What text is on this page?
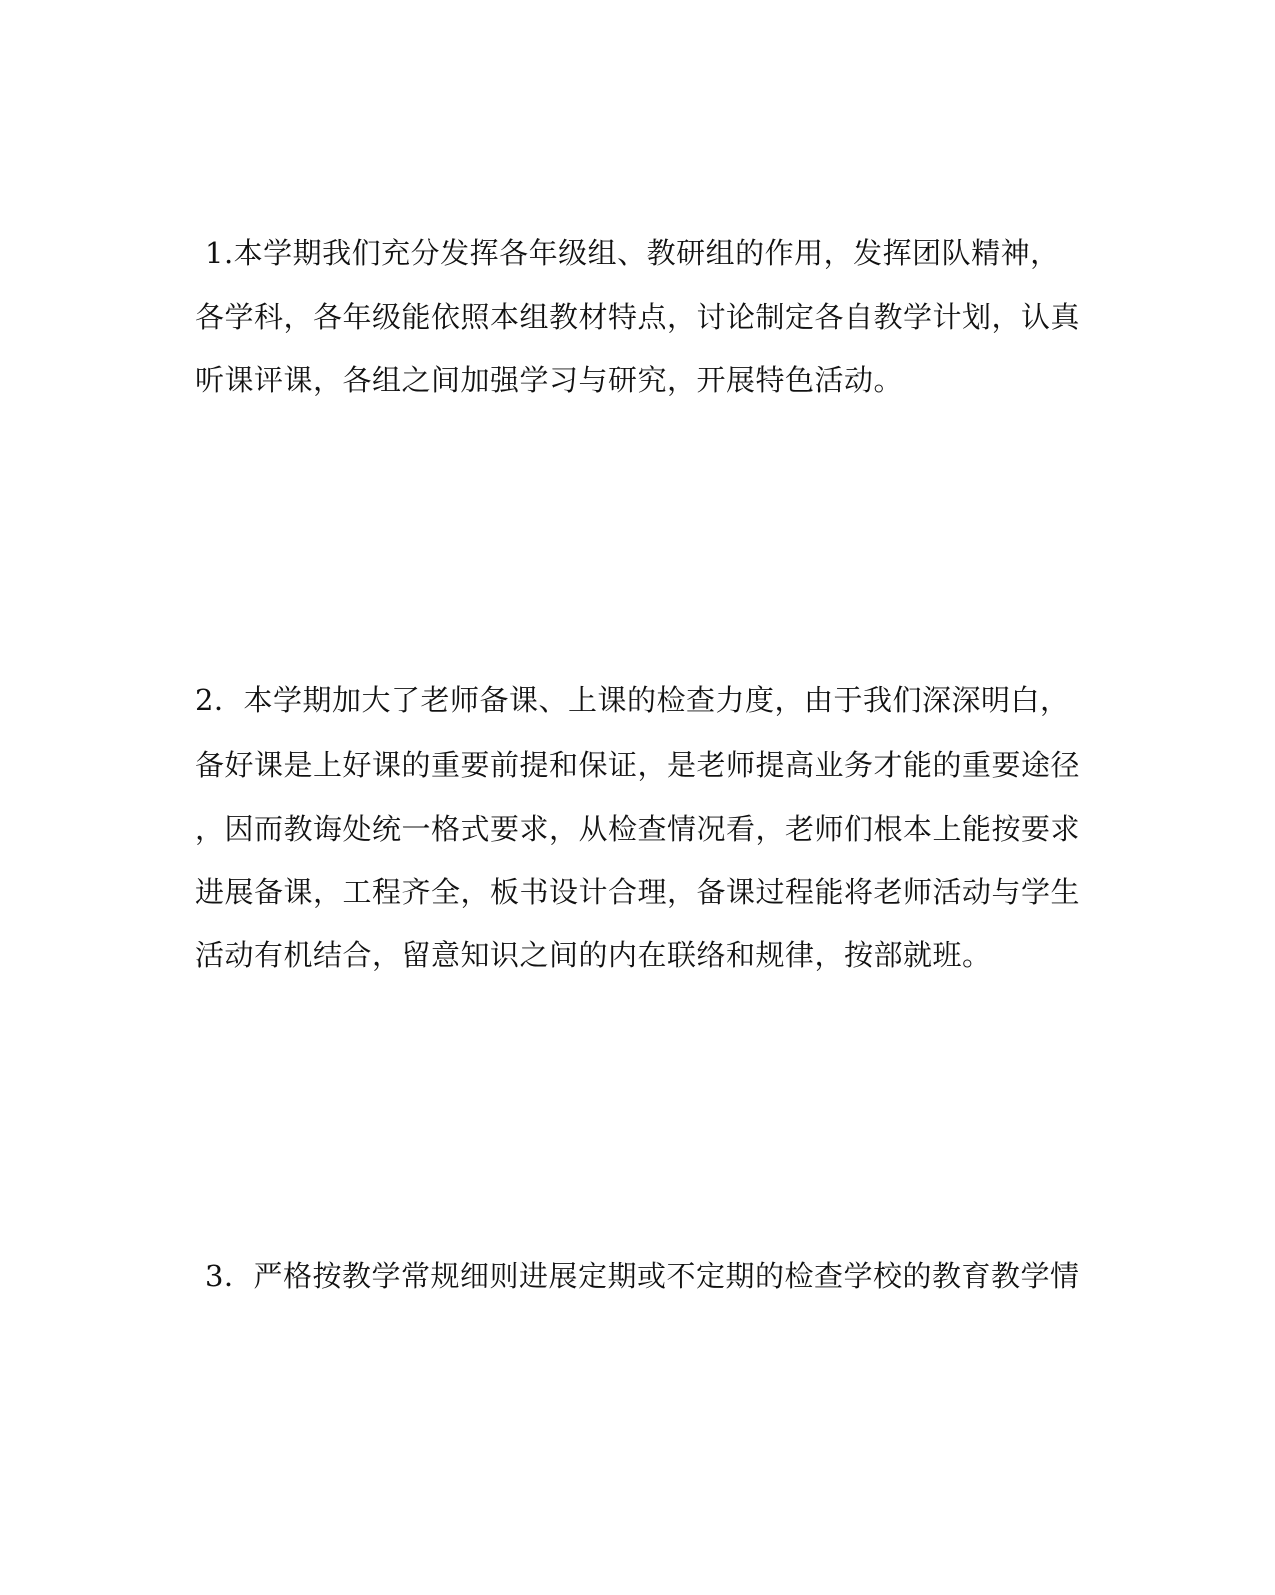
1.本学期我们充分发挥各年级组、教研组的作用，发挥团队精神，
各学科，各年级能依照本组教材特点，讨论制定各自教学计划，认真
听课评课，各组之间加强学习与研究，开展特色活动。
2．本学期加大了老师备课、上课的检查力度，由于我们深深明白，
备好课是上好课的重要前提和保证，是老师提高业务才能的重要途径
，因而教诲处统一格式要求，从检查情况看，老师们根本上能按要求
进展备课，工程齐全，板书设计合理，备课过程能将老师活动与学生
活动有机结合，留意知识之间的内在联络和规律，按部就班。
3．严格按教学常规细则进展定期或不定期的检查学校的教育教学情
